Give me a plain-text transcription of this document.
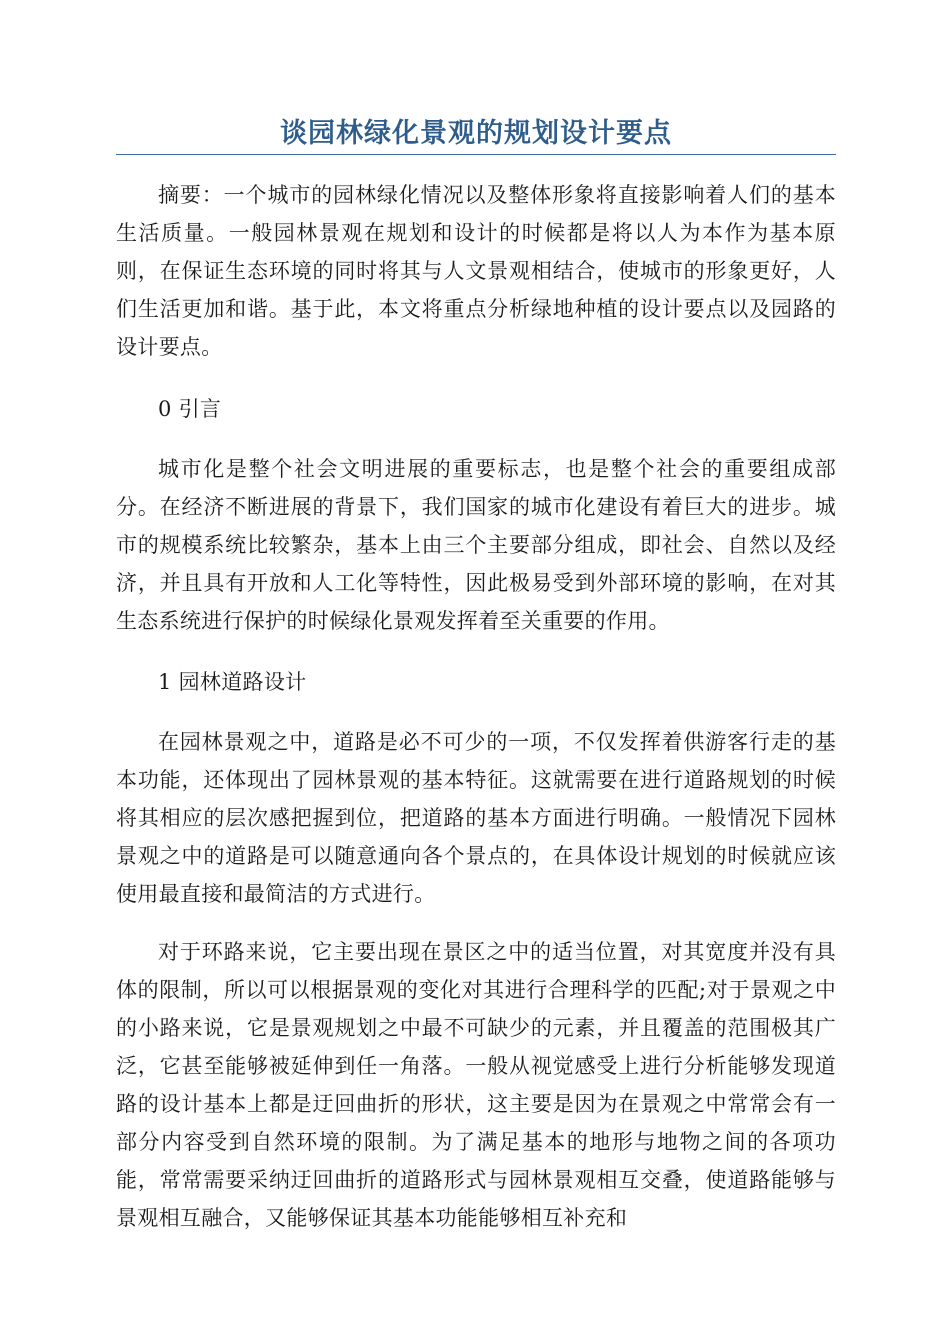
谈园林绿化景观的规划设计要点

摘要：一个城市的园林绿化情况以及整体形象将直接影响着人们的基本生活质量。一般园林景观在规划和设计的时候都是将以人为本作为基本原则，在保证生态环境的同时将其与人文景观相结合，使城市的形象更好，人们生活更加和谐。基于此，本文将重点分析绿地种植的设计要点以及园路的设计要点。

0 引言

城市化是整个社会文明进展的重要标志，也是整个社会的重要组成部分。在经济不断进展的背景下，我们国家的城市化建设有着巨大的进步。城市的规模系统比较繁杂，基本上由三个主要部分组成，即社会、自然以及经济，并且具有开放和人工化等特性，因此极易受到外部环境的影响，在对其生态系统进行保护的时候绿化景观发挥着至关重要的作用。

1 园林道路设计

在园林景观之中，道路是必不可少的一项，不仅发挥着供游客行走的基本功能，还体现出了园林景观的基本特征。这就需要在进行道路规划的时候将其相应的层次感把握到位，把道路的基本方面进行明确。一般情况下园林景观之中的道路是可以随意通向各个景点的，在具体设计规划的时候就应该使用最直接和最简洁的方式进行。

对于环路来说，它主要出现在景区之中的适当位置，对其宽度并没有具体的限制，所以可以根据景观的变化对其进行合理科学的匹配;对于景观之中的小路来说，它是景观规划之中最不可缺少的元素，并且覆盖的范围极其广泛，它甚至能够被延伸到任一角落。一般从视觉感受上进行分析能够发现道路的设计基本上都是迂回曲折的形状，这主要是因为在景观之中常常会有一部分内容受到自然环境的限制。为了满足基本的地形与地物之间的各项功能，常常需要采纳迂回曲折的道路形式与园林景观相互交叠，使道路能够与景观相互融合，又能够保证其基本功能能够相互补充和
